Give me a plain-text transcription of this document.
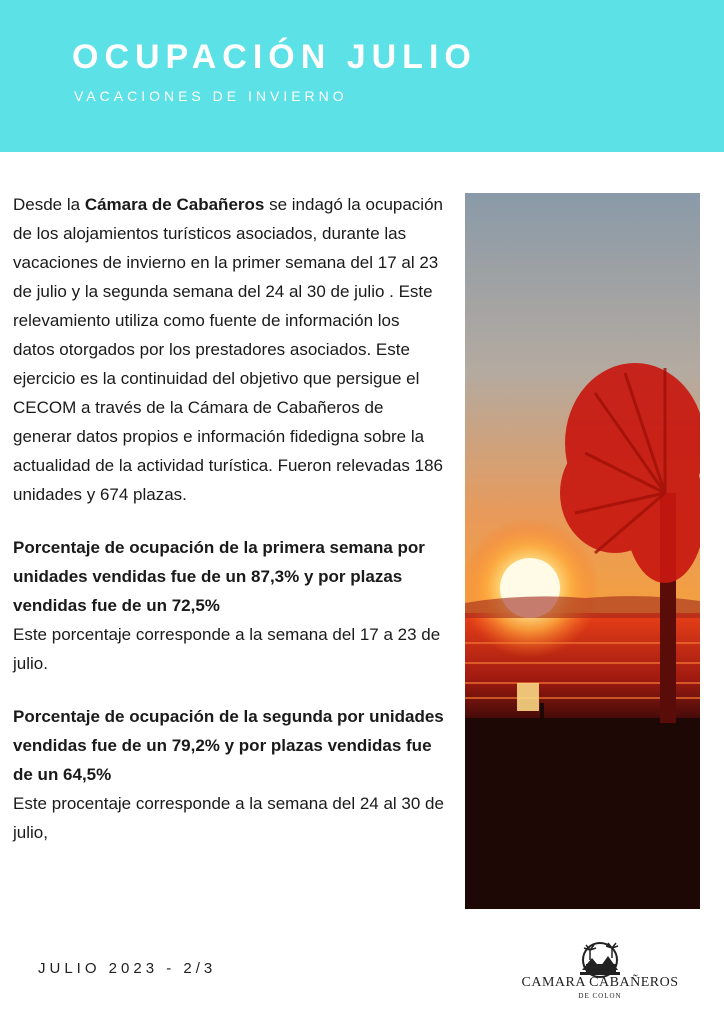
OCUPACIÓN JULIO
VACACIONES DE INVIERNO

Desde la Cámara de Cabañeros se indagó la ocupación de los alojamientos turísticos asociados, durante las vacaciones de invierno en la primer semana del 17 al 23 de julio y la segunda semana del 24 al 30 de julio . Este relevamiento utiliza como fuente de información los datos otorgados por los prestadores asociados. Este ejercicio es la continuidad del objetivo que persigue el CECOM a través de la Cámara de Cabañeros de generar datos propios e información fidedigna sobre la actualidad de la actividad turística. Fueron relevadas 186 unidades y 674 plazas.

Porcentaje de ocupación de la primera semana por unidades vendidas fue de un 87,3% y por plazas vendidas fue de un 72,5%

Este porcentaje corresponde a la semana del 17 a 23 de julio.

Porcentaje de ocupación de la segunda por unidades vendidas fue de un 79,2% y por plazas vendidas fue de un 64,5%

Este procentaje corresponde a la semana del 24 al 30 de julio,

JULIO 2023 - 2/3
CAMARA CABAÑEROS
DE COLON
